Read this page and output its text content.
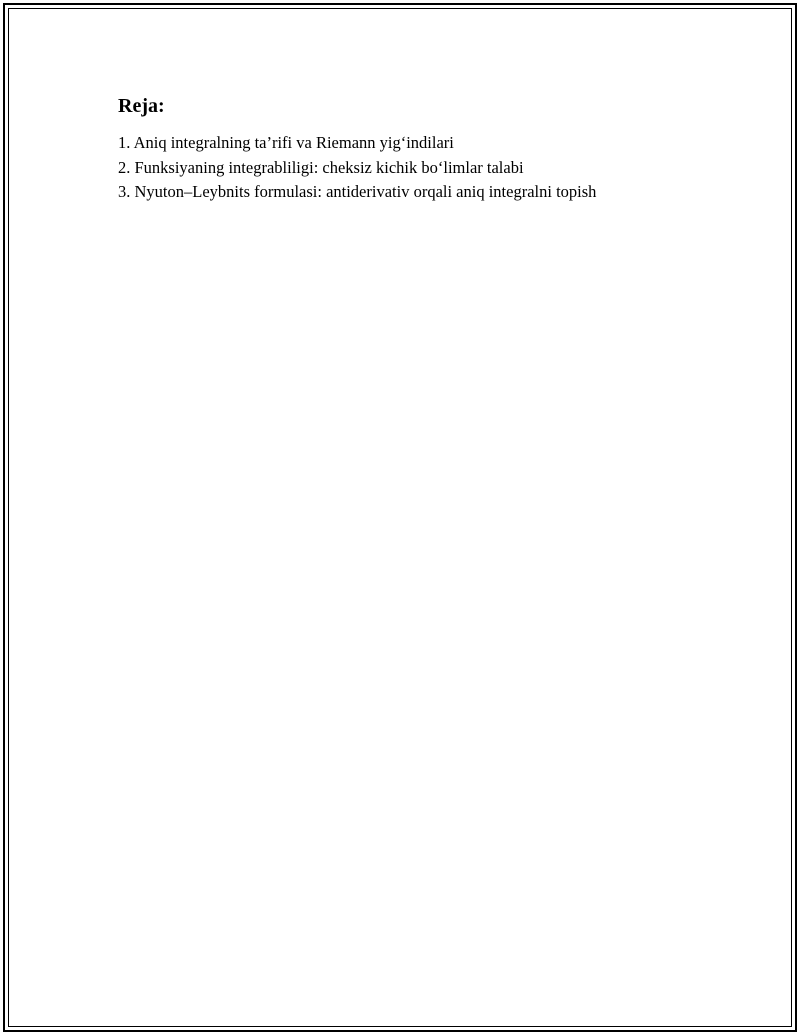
Reja:
1. Aniq integralning ta’rifi va Riemann yig‘indilari
2. Funksiyaning integrabliligi: cheksiz kichik bo‘limlar talabi
3. Nyuton–Leybnits formulasi: antiderivativ orqali aniq integralni topish
